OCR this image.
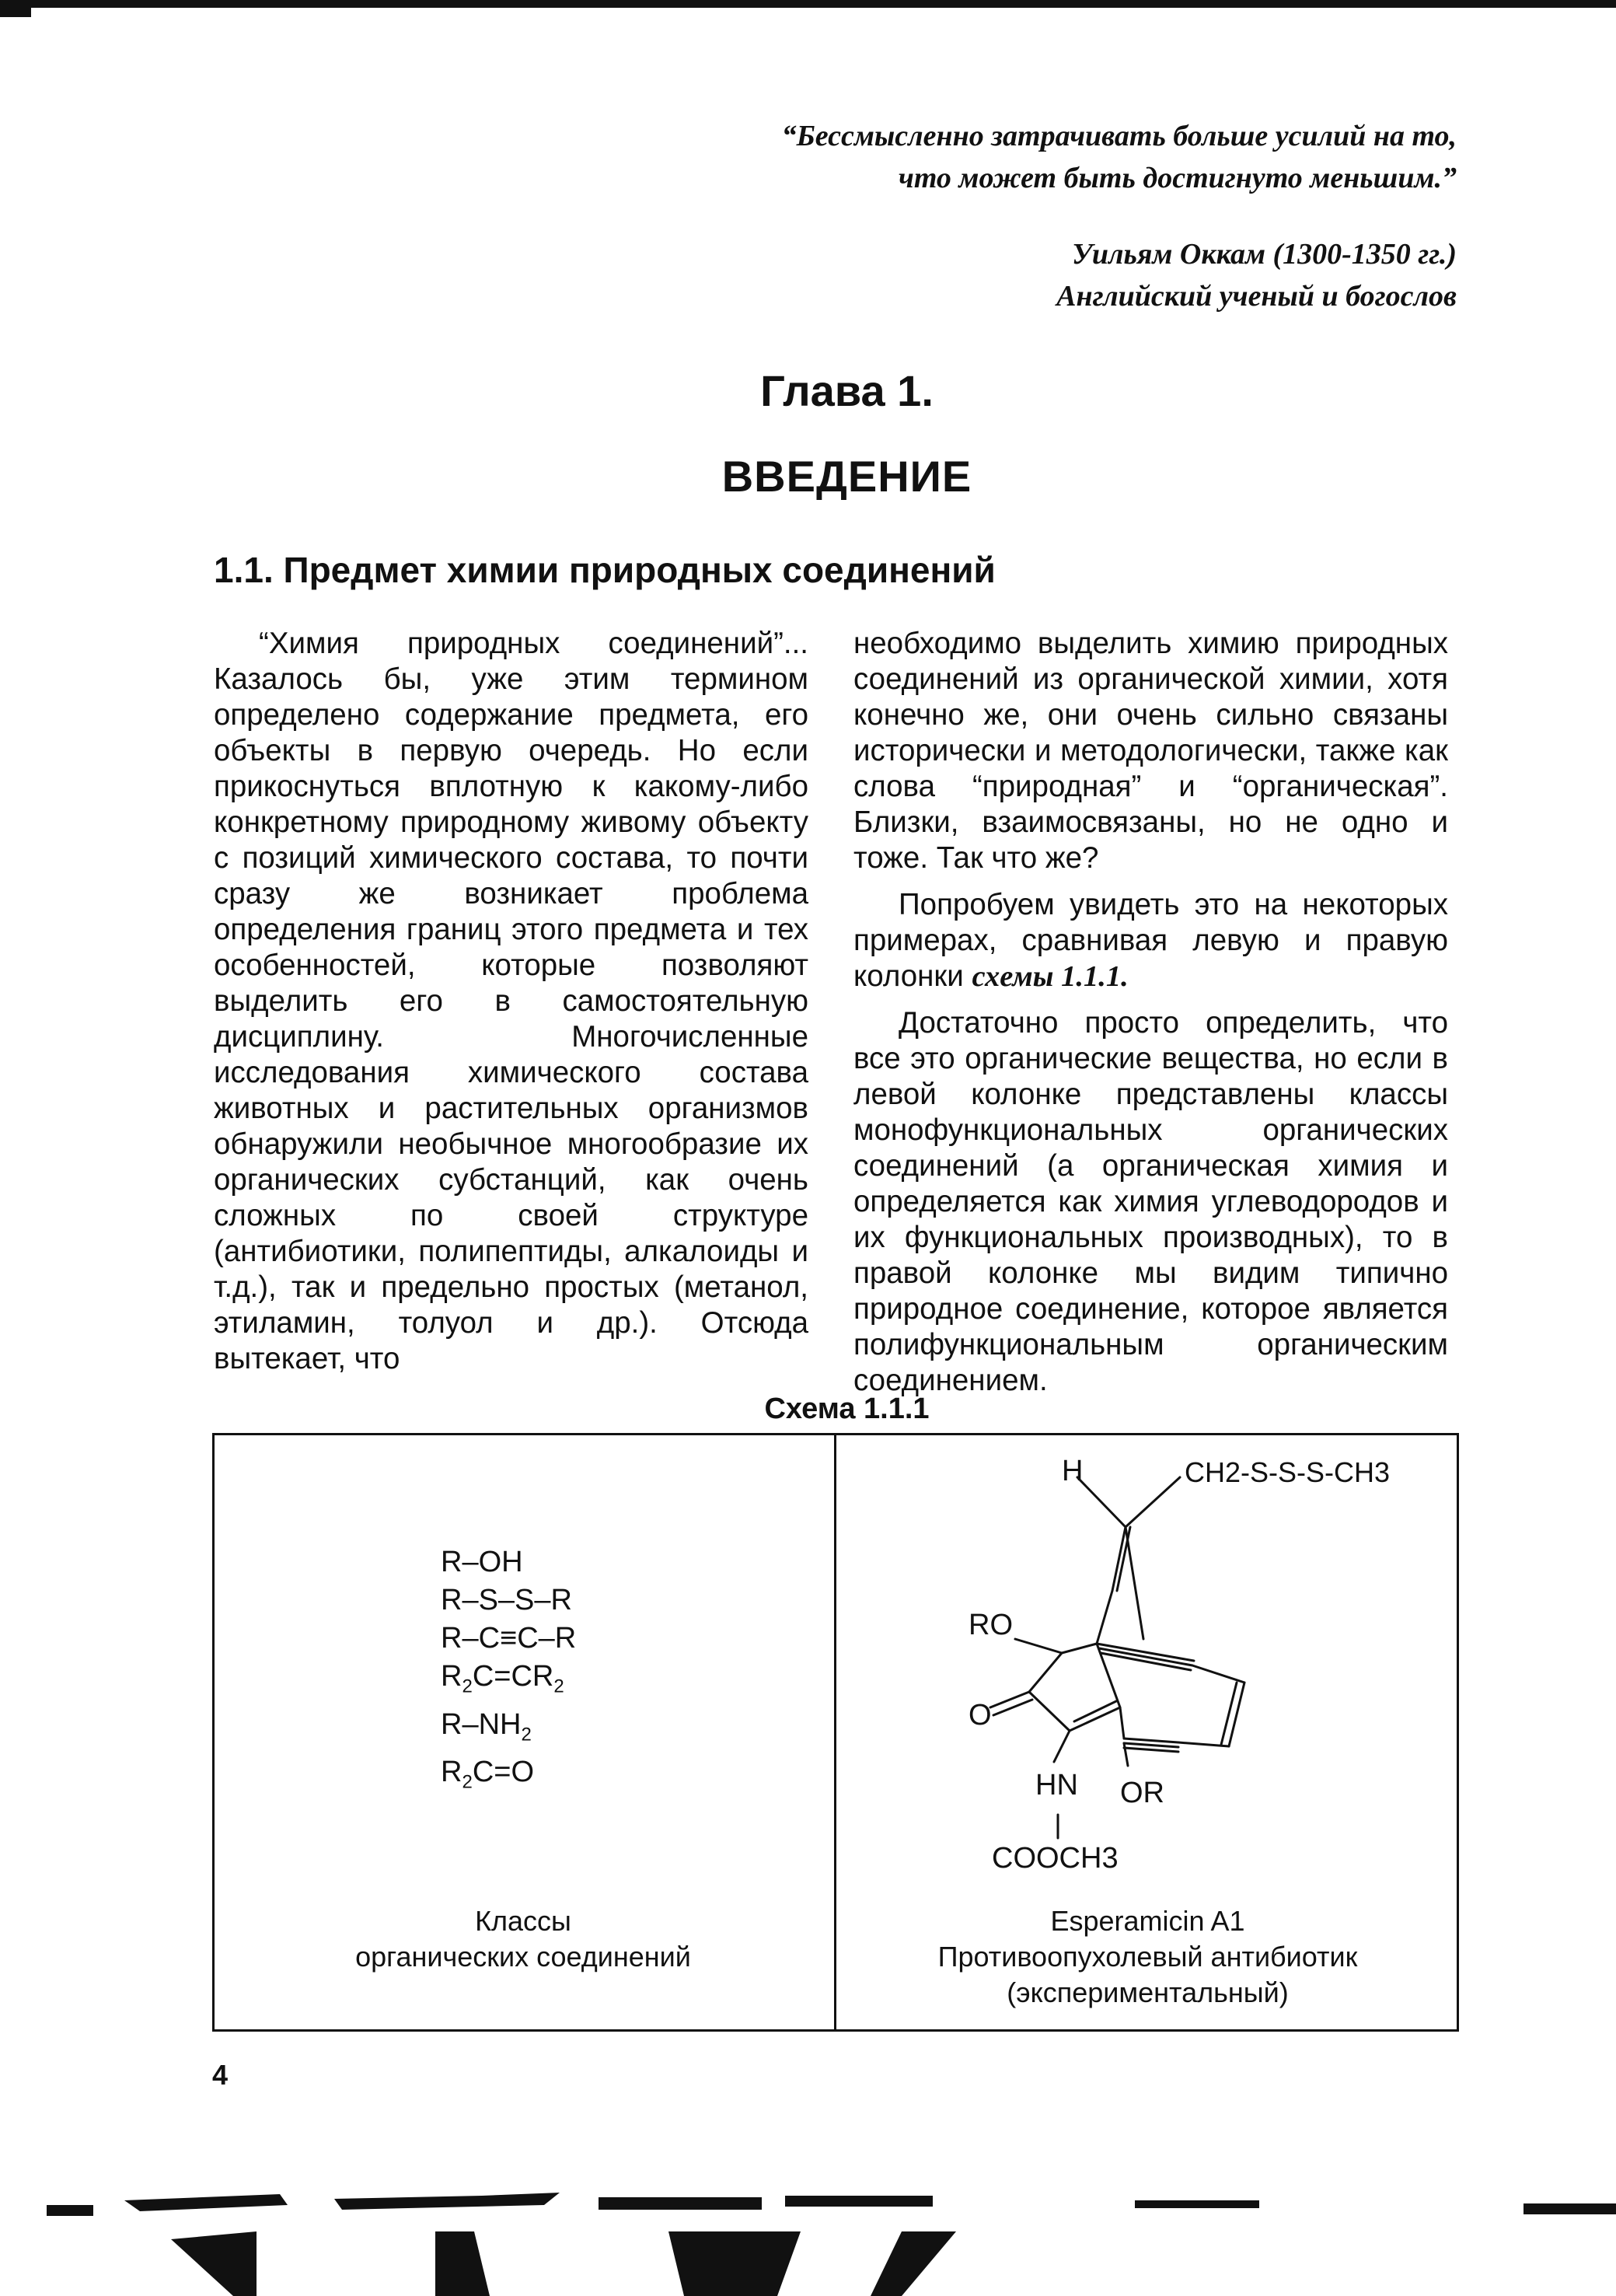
“Бессмысленно затрачивать больше усилий на то,
что может быть достигнуто меньшим.”
Уильям Оккам (1300-1350 гг.)
Английский ученый и богослов
Глава 1.
ВВЕДЕНИЕ
1.1. Предмет химии природных соединений

“Химия природных соединений”... Казалось бы, уже этим термином определено содержание предмета, его объекты в первую очередь. Но если прикоснуться вплотную к какому-либо конкретному природному живому объекту с позиций химического состава, то почти сразу же возникает проблема определения границ этого предмета и тех особенностей, которые позволяют выделить его в самостоятельную дисциплину. Многочисленные исследования химического состава животных и растительных организмов обнаружили необычное многообразие их органических субстанций, как очень сложных по своей структуре (антибиотики, полипептиды, алкалоиды и т.д.), так и предельно простых (метанол, этиламин, толуол и др.). Отсюда вытекает, что

необходимо выделить химию природных соединений из органической химии, хотя конечно же, они очень сильно связаны исторически и методологически, также как слова “природная” и “органическая”. Близки, взаимосвязаны, но не одно и тоже. Так что же?

Попробуем увидеть это на некоторых примерах, сравнивая левую и правую колонки схемы 1.1.1.

Достаточно просто определить, что все это органические вещества, но если в левой колонке представлены классы монофункциональных органических соединений (а органическая химия и определяется как химия углеводородов и их функциональных производных), то в правой колонке мы видим типично природное соединение, которое является полифункциональным органическим соединением.

Схема 1.1.1
R–OH
R–S–S–R
R–C≡C–R
$R_2C=CR_2$
$R-NH_2$
$R_2C=O$
Классы
органических соединений
H	CH2-S-S-S-CH3
RO
O
HN OR
COOCH3
Esperamicin A1
Противоопухолевый антибиотик
(экспериментальный)
4
